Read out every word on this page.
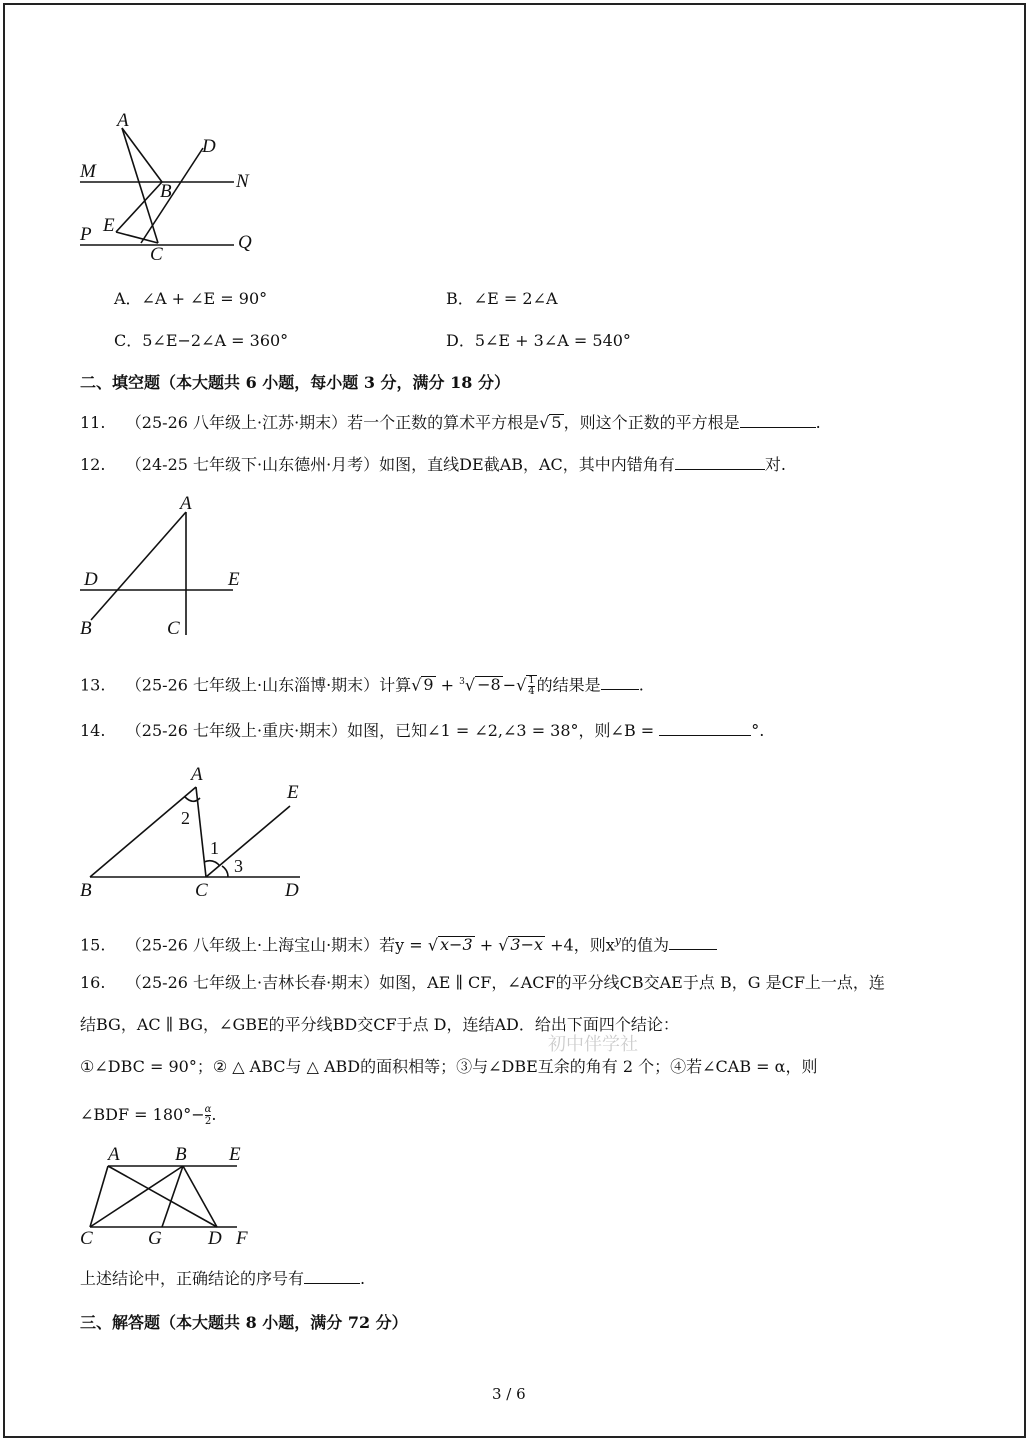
A
D
M
B	N
E
P	Q
C
A．∠A + ∠E = 90°	B．∠E = 2∠A
C．5∠E−2∠A = 360°	D．5∠E + 3∠A = 540°
二、填空题（本大题共 6 小题，每小题 3 分，满分 18 分）
11. （25-26 八年级上·江苏·期末）若一个正数的算术平方根是√ 5 ，则这个正数的平方根是	.
12. （24-25 七年级下·山东德州·月考）如图，直线DE截AB，AC，其中内错角有	对.
A
D	E
B	C
13. （25-26 七年级上·山东淄博·期末）计算√ 9 + $^3$√ −8 −√ $\frac{1}{4}$ 的结果是 .
14. （25-26 七年级上·重庆·期末）如图，已知∠1 = ∠2,∠3 = 38°，则∠B =	°.
A
E
2
1
3
B	C	D
15. （25-26 八年级上·上海宝山·期末）若y = √ x−3 + √ 3−x +4，则$x^y$的值为
16. （25-26 七年级上·吉林长春·期末）如图，AE ∥ CF，∠ACF的平分线CB交AE于点 B，G 是CF上一点，连
结BG，AC ∥ BG，∠GBE的平分线BD交CF于点 D，连结AD．给出下面四个结论：
①∠DBC = 90°；② △ ABC与 △ ABD的面积相等；③与∠DBE互余的角有 2 个；④若∠CAB = α，则
∠BDF = $180^\circ- \frac{\alpha}{2}$ .
初中伴学社
A	B E
C	G D F
上述结论中，正确结论的序号有	.
三、解答题（本大题共 8 小题，满分 72 分）
3 / 6
